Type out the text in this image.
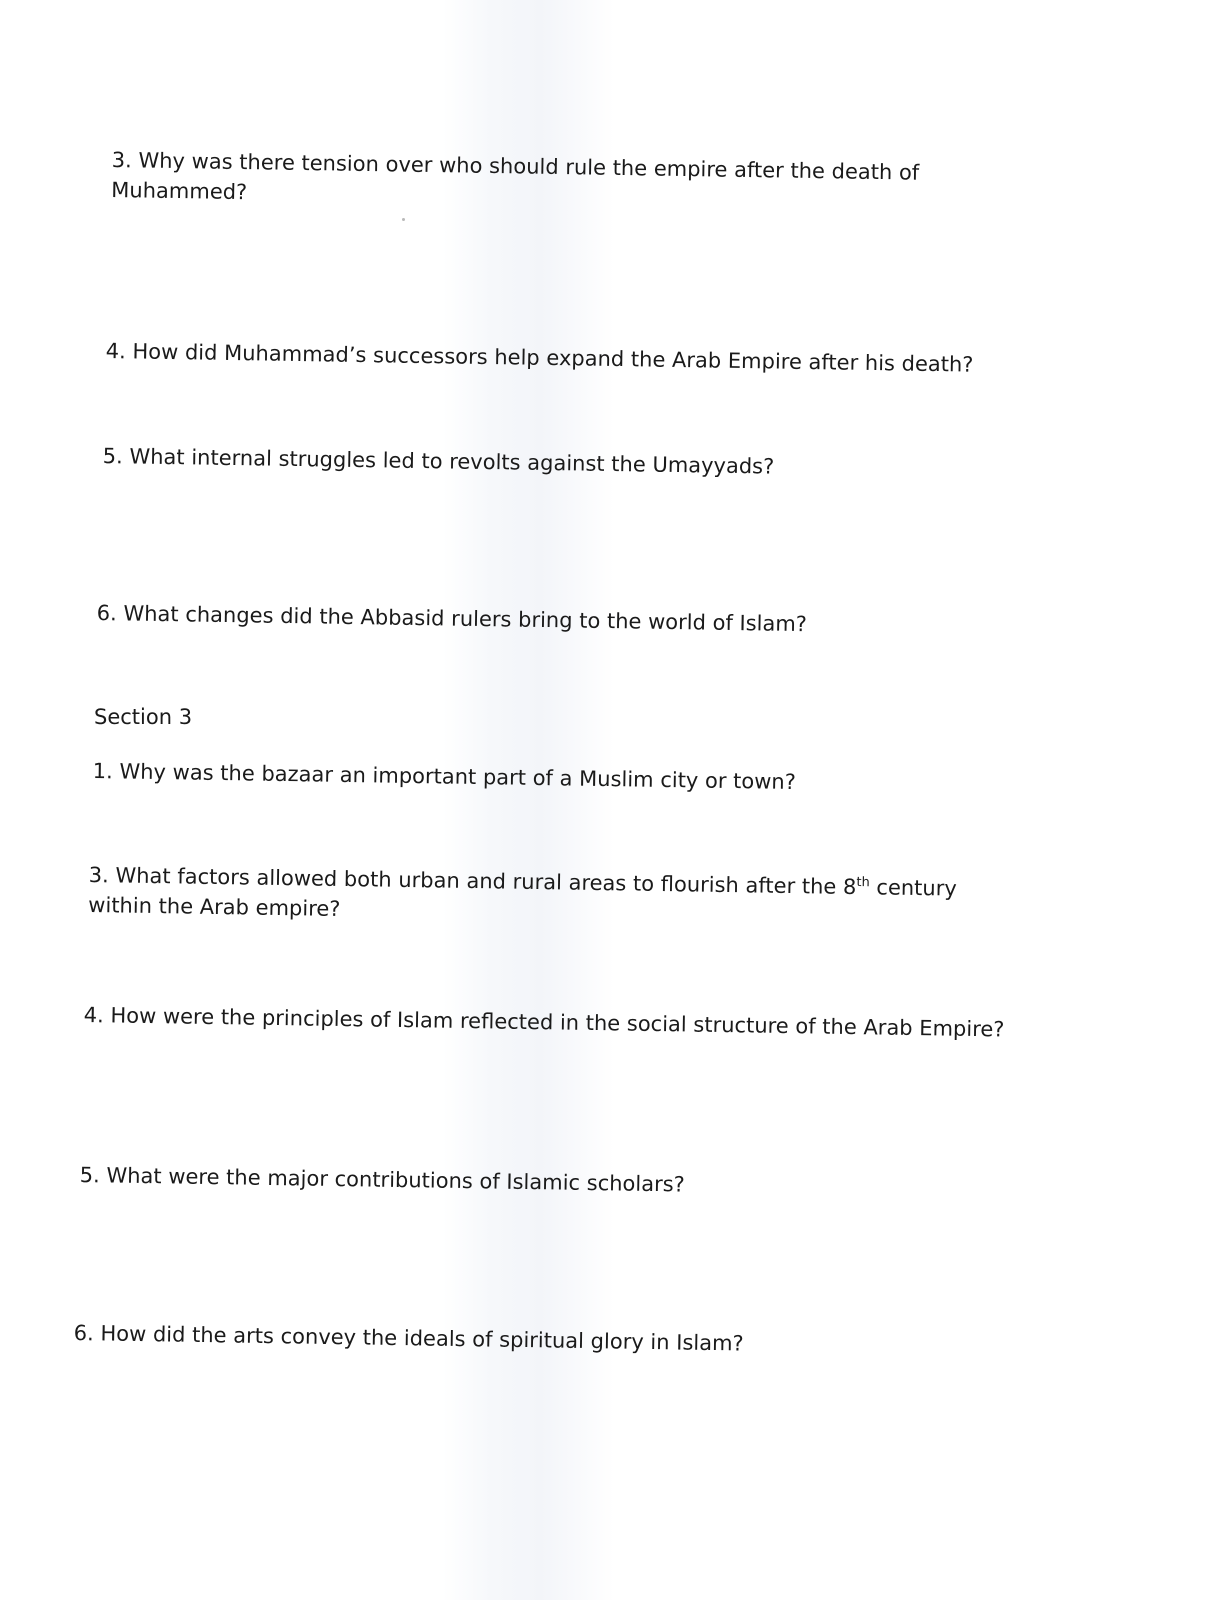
3. Why was there tension over who should rule the empire after the death of
Muhammed?
4. How did Muhammad’s successors help expand the Arab Empire after his death?
5. What internal struggles led to revolts against the Umayyads?
6. What changes did the Abbasid rulers bring to the world of Islam?
Section 3
1. Why was the bazaar an important part of a Muslim city or town?
3. What factors allowed both urban and rural areas to flourish after the 8th century
within the Arab empire?
4. How were the principles of Islam reflected in the social structure of the Arab Empire?
5. What were the major contributions of Islamic scholars?
6. How did the arts convey the ideals of spiritual glory in Islam?
